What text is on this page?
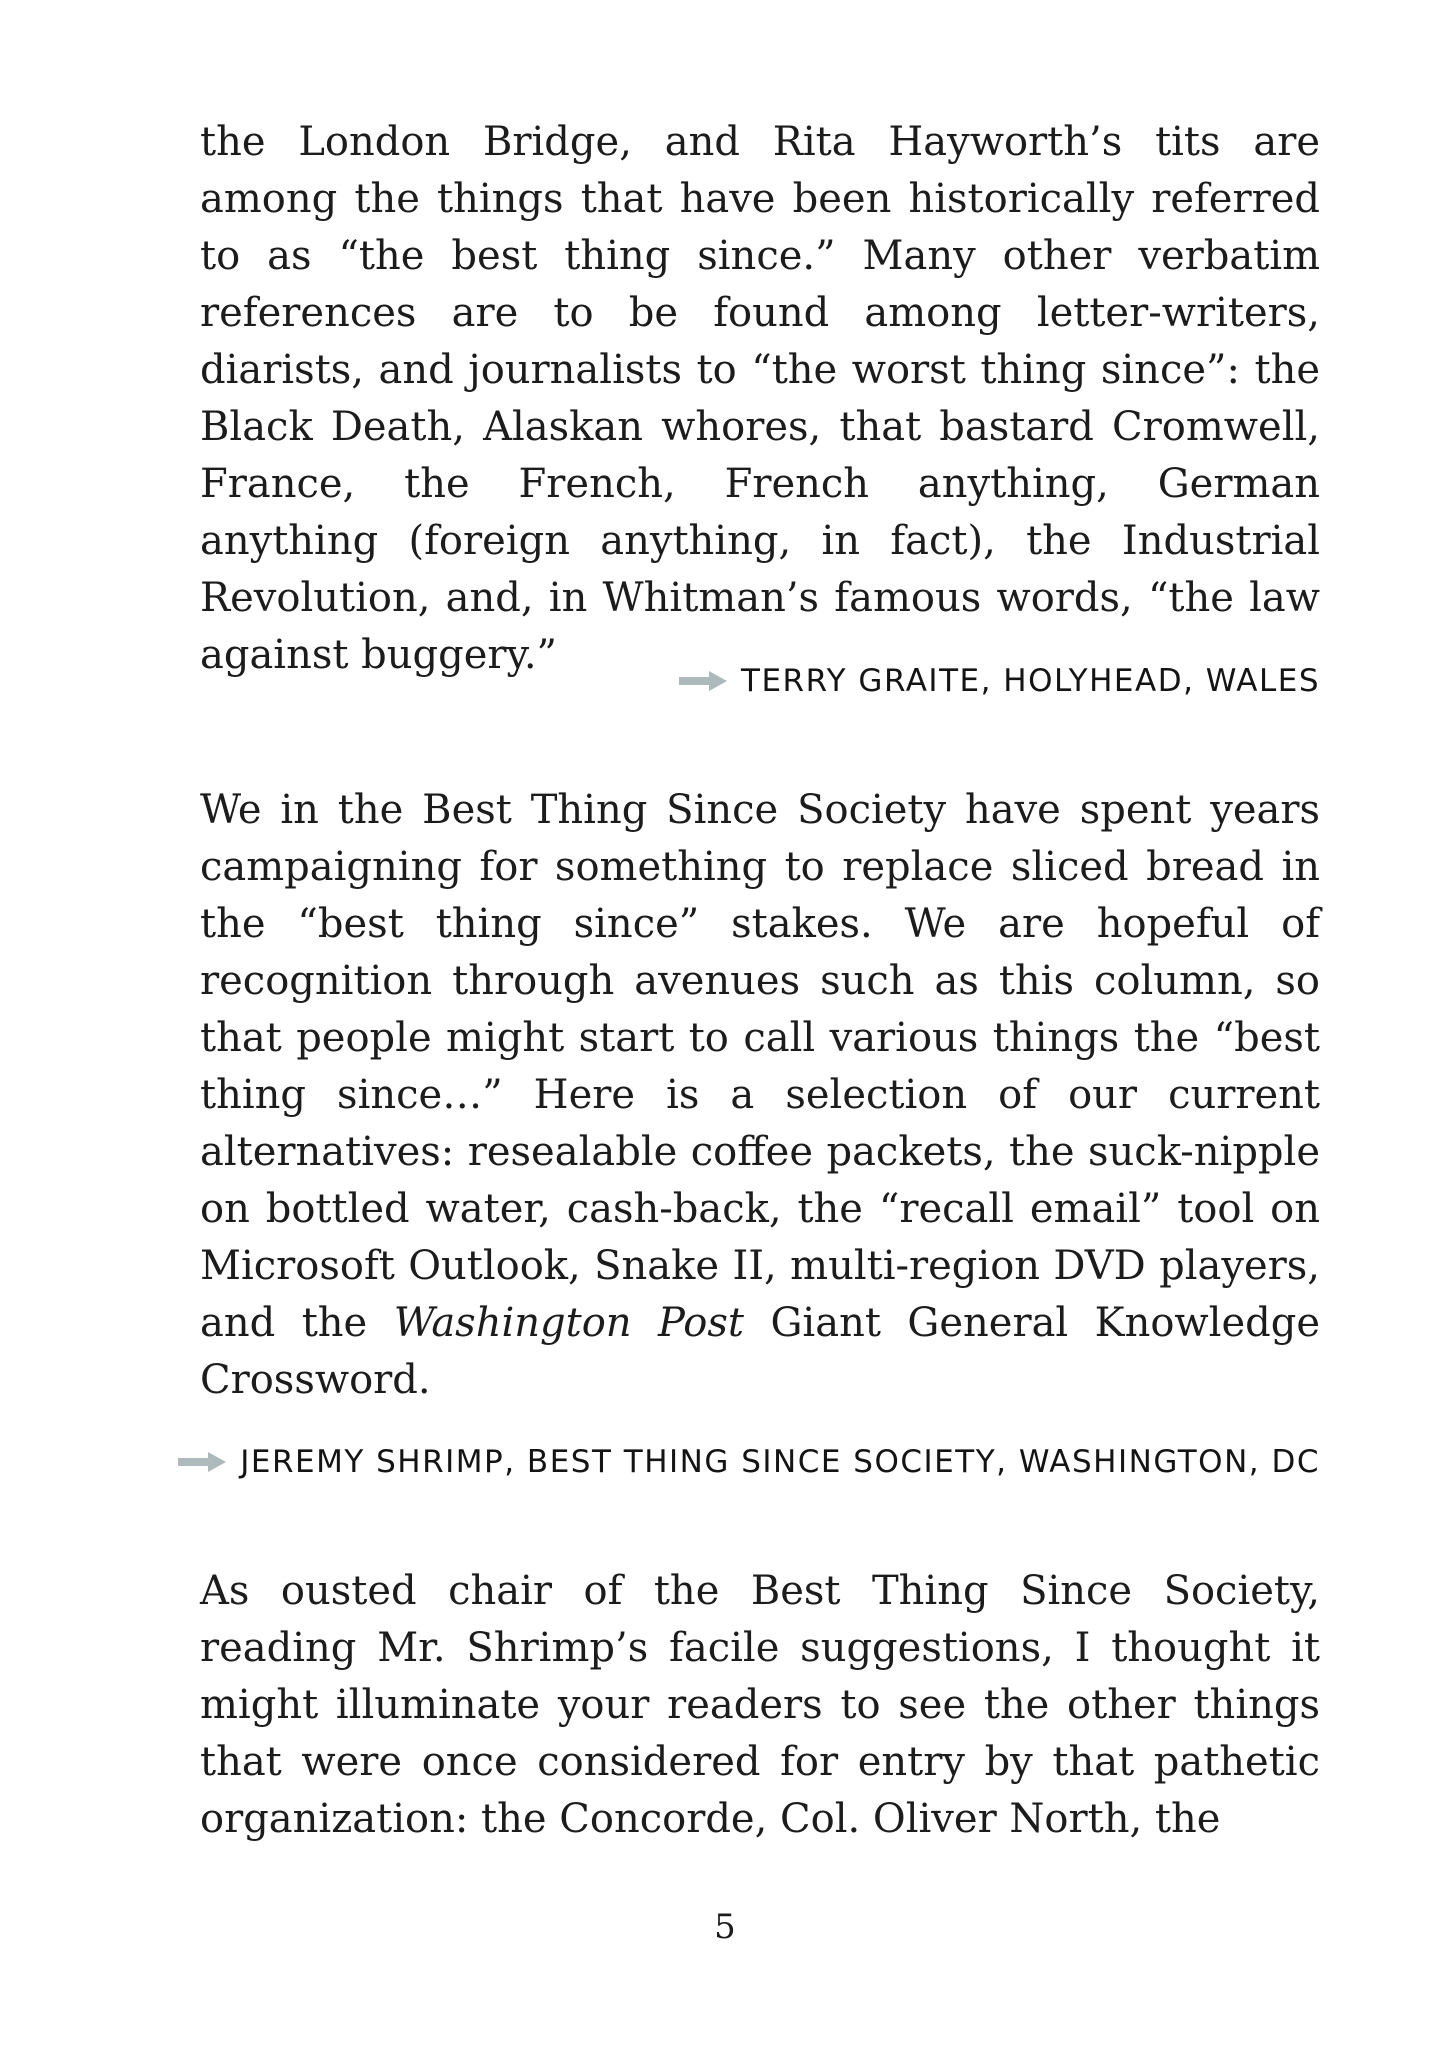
the London Bridge, and Rita Hayworth’s tits are among the things that have been historically referred to as “the best thing since.” Many other verbatim references are to be found among letter-writers, diarists, and journalists to “the worst thing since”: the Black Death, Alaskan whores, that bastard Cromwell, France, the French, French anything, German anything (foreign anything, in fact), the Industrial Revolution, and, in Whitman’s famous words, “the law against buggery.”

TERRY GRAITE, HOLYHEAD, WALES

We in the Best Thing Since Society have spent years campaigning for something to replace sliced bread in the “best thing since” stakes. We are hopeful of recognition through avenues such as this column, so that people might start to call various things the “best thing since…” Here is a selection of our current alternatives: resealable coffee packets, the suck-nipple on bottled water, cash-back, the “recall email” tool on Microsoft Outlook, Snake II, multi-region DVD players, and the Washington Post Giant General Knowledge Crossword.

JEREMY SHRIMP, BEST THING SINCE SOCIETY, WASHINGTON, DC

As ousted chair of the Best Thing Since Society, reading Mr. Shrimp’s facile suggestions, I thought it might illuminate your readers to see the other things that were once considered for entry by that pathetic organization: the Concorde, Col. Oliver North, the

5
